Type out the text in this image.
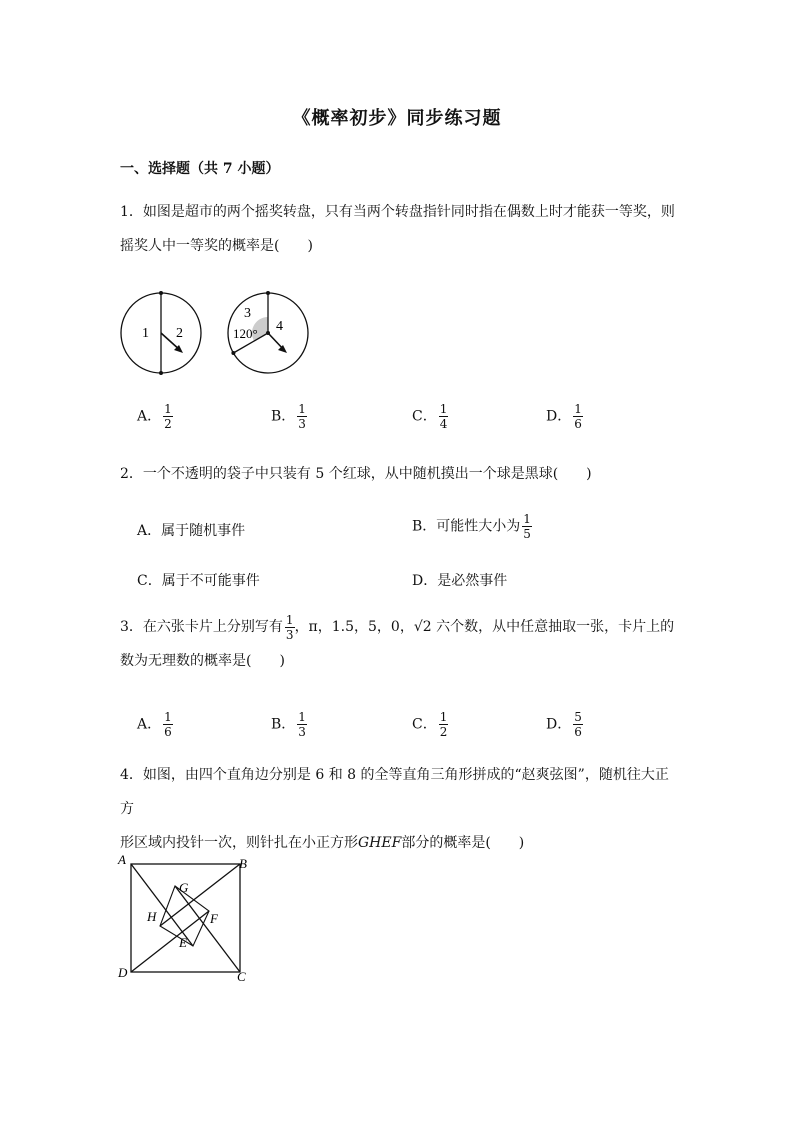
《概率初步》同步练习题
一、选择题（共 7 小题）
1．如图是超市的两个摇奖转盘，只有当两个转盘指针同时指在偶数上时才能获一等奖，则
摇奖人中一等奖的概率是(　　)
1 2
3
4
120°
A． $\frac{1}{2}$	B． $\frac{1}{3}$	C． $\frac{1}{4}$	D． $\frac{1}{6}$
2．一个不透明的袋子中只装有 5 个红球，从中随机摸出一个球是黑球(　　)
A．属于随机事件	B．可能性大小为 $\frac{1}{5}$
C．属于不可能事件	D．是必然事件
3．在六张卡片上分别写有 $\frac{1}{3}$ ，π，1.5，5，0，√2 六个数，从中任意抽取一张，卡片上的
数为无理数的概率是(　　)
A． $\frac{1}{6}$	B． $\frac{1}{3}$	C． $\frac{1}{2}$	D． $\frac{5}{6}$
4．如图，由四个直角边分别是 6 和 8 的全等直角三角形拼成的“赵爽弦图”，随机往大正方
形区域内投针一次，则针扎在小正方形GHEF部分的概率是(　　)
A	B
C
D
E
F
G
H
